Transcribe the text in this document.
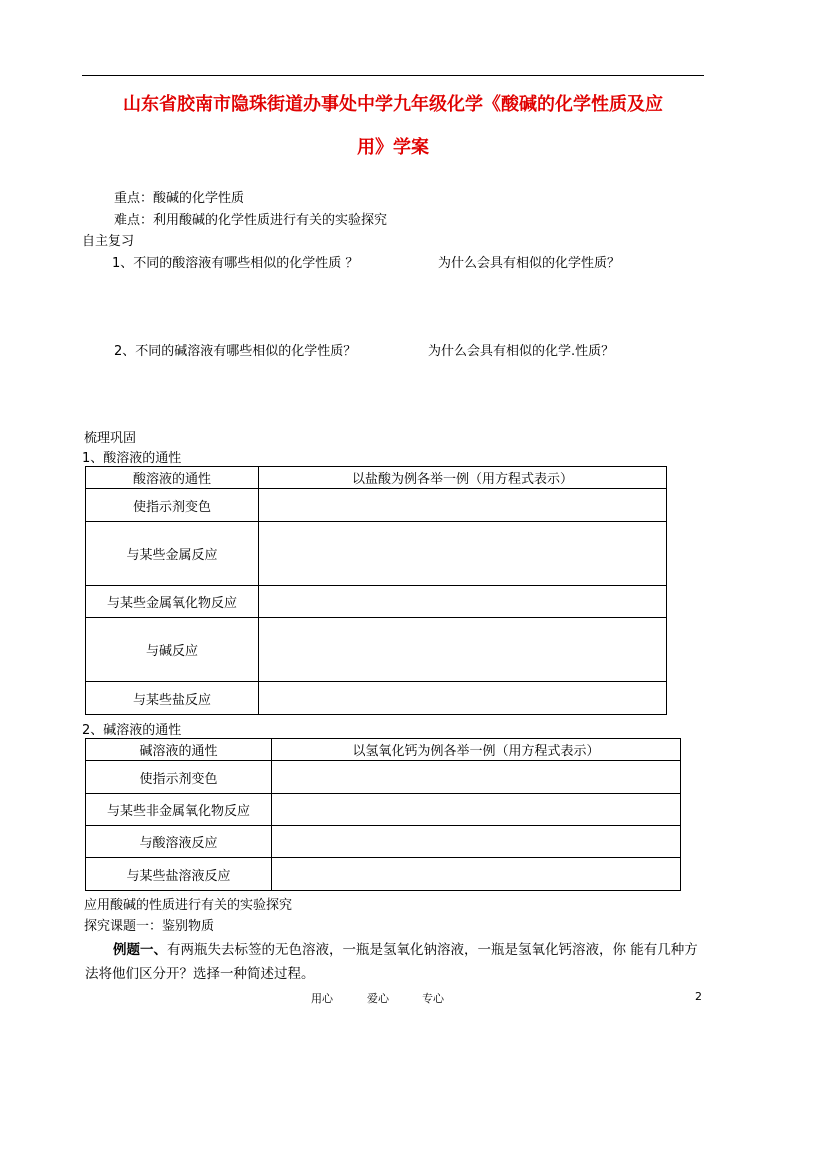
山东省胶南市隐珠街道办事处中学九年级化学《酸碱的化学性质及应
用》学案
重点：酸碱的化学性质
难点：利用酸碱的化学性质进行有关的实验探究
自主复习
1、不同的酸溶液有哪些相似的化学性质 ？	为什么会具有相似的化学性质？
2、不同的碱溶液有哪些相似的化学性质？	为什么会具有相似的化学.性质？
梳理巩固
1、酸溶液的通性
酸溶液的通性	以盐酸为例各举一例（用方程式表示）
使指示剂变色	
与某些金属反应	
与某些金属氧化物反应	
与碱反应	
与某些盐反应	
2、碱溶液的通性
碱溶液的通性	以氢氧化钙为例各举一例（用方程式表示）
使指示剂变色	
与某些非金属氧化物反应	
与酸溶液反应	
与某些盐溶液反应	
应用酸碱的性质进行有关的实验探究
探究课题一：鉴别物质
例题一、有两瓶失去标签的无色溶液，一瓶是氢氧化钠溶液，一瓶是氢氧化钙溶液，你 能有几种方法将他们区分开？选择一种简述过程。
用心	爱心	专心	2
